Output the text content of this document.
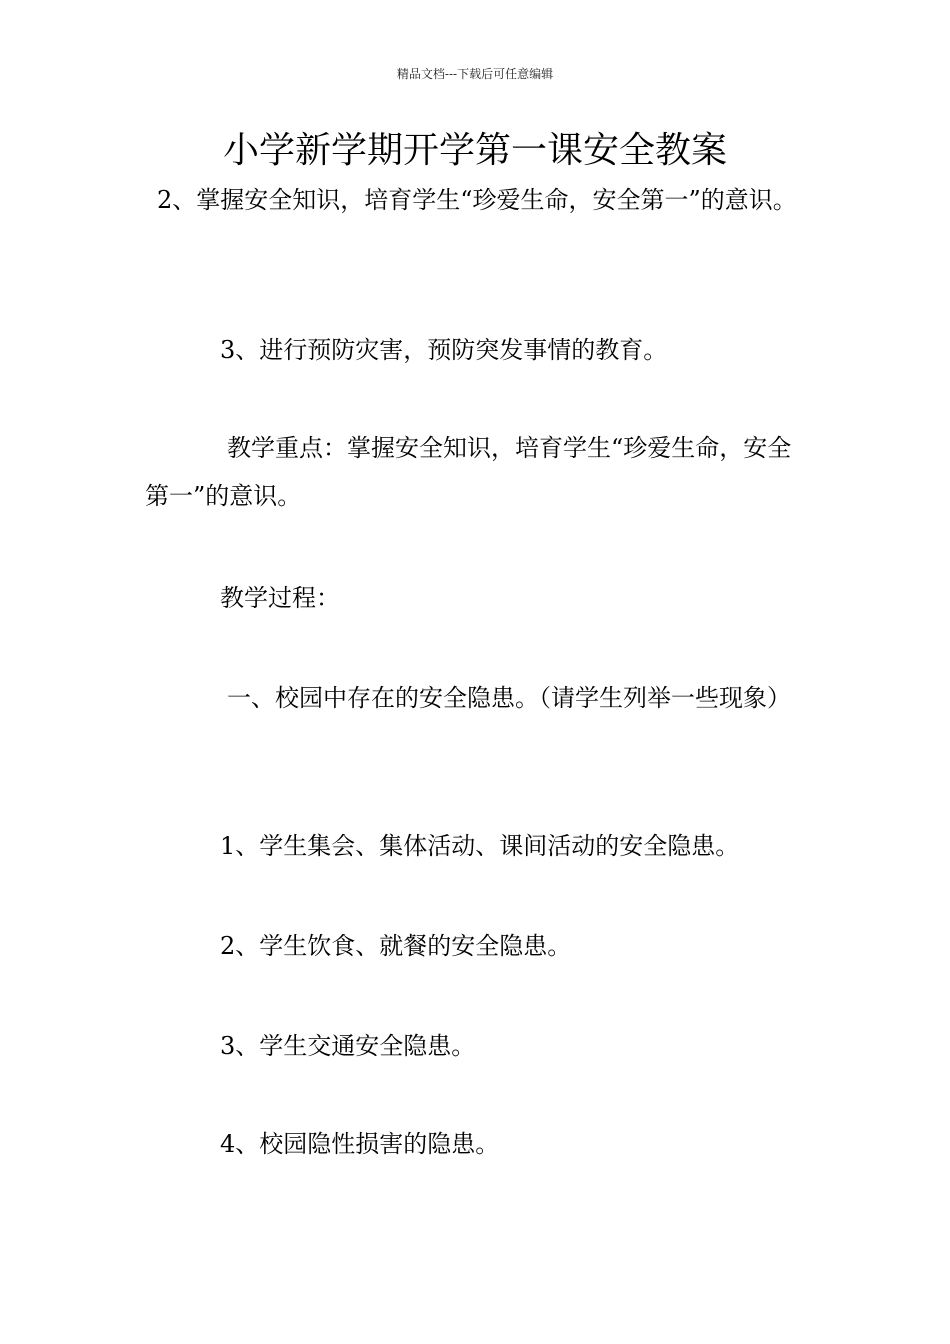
精品文档---下载后可任意编辑
小学新学期开学第一课安全教案

2、掌握安全知识，培育学生“珍爱生命，安全第一”的意识。

3、进行预防灾害，预防突发事情的教育。

教学重点：掌握安全知识，培育学生“珍爱生命，安全第一”的意识。

教学过程：

一、校园中存在的安全隐患。（请学生列举一些现象）

1、学生集会、集体活动、课间活动的安全隐患。

2、学生饮食、就餐的安全隐患。

3、学生交通安全隐患。

4、校园隐性损害的隐患。
